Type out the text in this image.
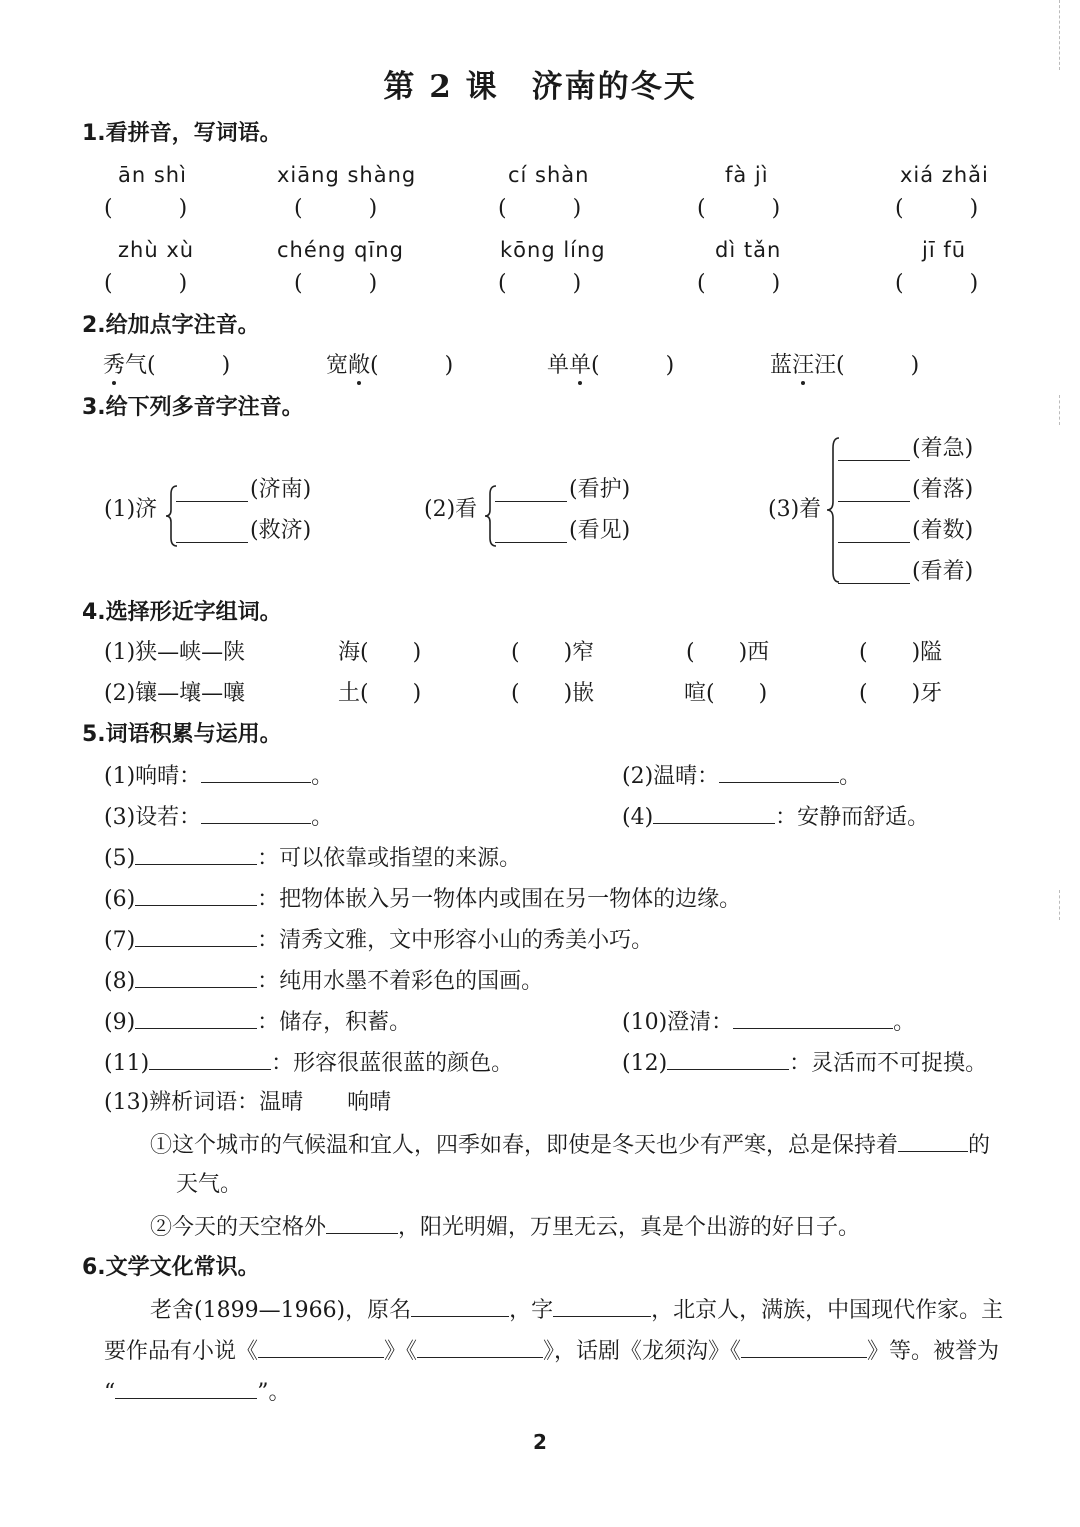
第 2 课　济南的冬天
1.看拼音，写词语。
ān shì	xiāng shàng	cí shàn	fà jì	xiá zhǎi
(　　　)	(　　　)	(　　　)	(　　　)	(　　　)
zhù xù	chéng qīng	kōng líng	dì tǎn	jī fū
(　　　)	(　　　)	(　　　)	(　　　)	(　　　)
2.给加点字注音。
秀气(　　　)	宽敞(　　　)	单单(　　　)	蓝汪汪(　　　)
3.给下列多音字注音。
(1)济
(济南)
(救济)
(2)看
(看护)
(看见)
(3)着
(着急)
(着落)
(着数)
(看着)
4.选择形近字组词。
(1)狭—峡—陕	海(　　)	(　　)窄	(　　)西	(　　)隘
(2)镶—壤—嚷	土(　　)	(　　)嵌	喧(　　)	(　　)牙
5.词语积累与运用。
(1)响晴：	。	(2)温晴：	。
(3)设若：	。	(4)	：安静而舒适。
(5)	：可以依靠或指望的来源。
(6)	：把物体嵌入另一物体内或围在另一物体的边缘。
(7)	：清秀文雅，文中形容小山的秀美小巧。
(8)	：纯用水墨不着彩色的国画。
(9)	：储存，积蓄。	(10)澄清：	。
(11)	：形容很蓝很蓝的颜色。	(12)	：灵活而不可捉摸。
(13)辨析词语：温晴　　响晴
①这个城市的气候温和宜人，四季如春，即使是冬天也少有严寒，总是保持着	的
天气。
②今天的天空格外	，阳光明媚，万里无云，真是个出游的好日子。
6.文学文化常识。
老舍(1899—1966)，原名	，字	，北京人，满族，中国现代作家。主
要作品有小说《	》《	》，话剧《龙须沟》《	》等。被誉为
“	”。
2
